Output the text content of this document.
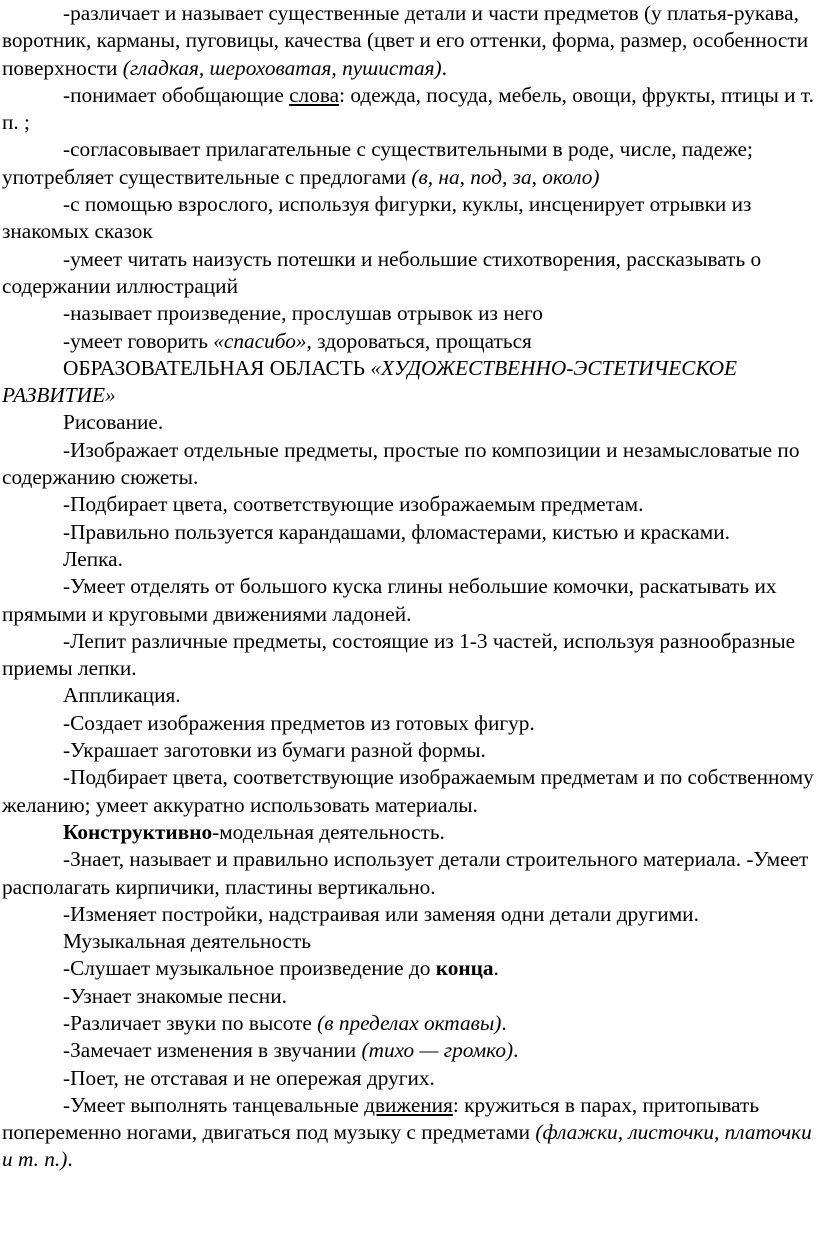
-различает и называет существенные детали и части предметов (у платья-рукава, воротник, карманы, пуговицы, качества (цвет и его оттенки, форма, размер, особенности поверхности (гладкая, шероховатая, пушистая).

-понимает обобщающие слова: одежда, посуда, мебель, овощи, фрукты, птицы и т. п. ;

-согласовывает прилагательные с существительными в роде, числе, падеже; употребляет существительные с предлогами (в, на, под, за, около)

-с помощью взрослого, используя фигурки, куклы, инсценирует отрывки из знакомых сказок

-умеет читать наизусть потешки и небольшие стихотворения, рассказывать о содержании иллюстраций

-называет произведение, прослушав отрывок из него

-умеет говорить «спасибо», здороваться, прощаться

ОБРАЗОВАТЕЛЬНАЯ ОБЛАСТЬ «ХУДОЖЕСТВЕННО-ЭСТЕТИЧЕСКОЕ РАЗВИТИЕ»

Рисование.

-Изображает отдельные предметы, простые по композиции и незамысловатые по содержанию сюжеты.

-Подбирает цвета, соответствующие изображаемым предметам.

-Правильно пользуется карандашами, фломастерами, кистью и красками.

Лепка.

-Умеет отделять от большого куска глины небольшие комочки, раскатывать их прямыми и круговыми движениями ладоней.

-Лепит различные предметы, состоящие из 1-3 частей, используя разнообразные приемы лепки.

Аппликация.

-Создает изображения предметов из готовых фигур.

-Украшает заготовки из бумаги разной формы.

-Подбирает цвета, соответствующие изображаемым предметам и по собственному желанию; умеет аккуратно использовать материалы.

Конструктивно-модельная деятельность.

-Знает, называет и правильно использует детали строительного материала. -Умеет располагать кирпичики, пластины вертикально.

-Изменяет постройки, надстраивая или заменяя одни детали другими.

Музыкальная деятельность

-Слушает музыкальное произведение до конца.

-Узнает знакомые песни.

-Различает звуки по высоте (в пределах октавы).

-Замечает изменения в звучании (тихо — громко).

-Поет, не отставая и не опережая других.

-Умеет выполнять танцевальные движения: кружиться в парах, притопывать попеременно ногами, двигаться под музыку с предметами (флажки, листочки, платочки и т. п.).
